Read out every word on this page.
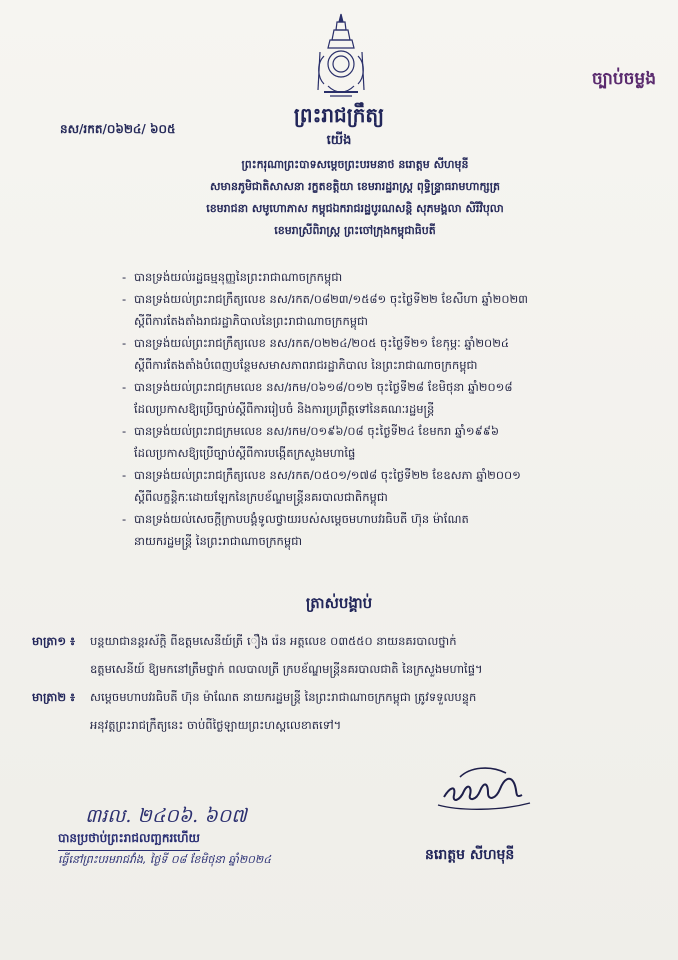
ច្បាប់ចម្លង
ព្រះរាជក្រឹត្យ
នស/រកត/០៦២៤/ ៦០៥
យើង
ព្រះករុណាព្រះបាទសម្តេចព្រះបរមនាថ នរោត្តម សីហមុនី
សមានភូមិជាតិសាសនា រក្ខតខត្តិយា ខេមរារដ្ឋរាស្ត្រ ពុទ្ធិន្ទ្រាធរាមហាក្សត្រ
ខេមរាជនា សមូហោភាស កម្ពុជឯករាជរដ្ឋបូរណសន្តិ សុភមង្គលា សិរីវិបុលា
ខេមរាស្រីពិរាស្ត្រ ព្រះចៅក្រុងកម្ពុជាធិបតី
- បានទ្រង់យល់រដ្ឋធម្មនុញ្ញនៃព្រះរាជាណាចក្រកម្ពុជា
- បានទ្រង់យល់ព្រះរាជក្រឹត្យលេខ នស/រកត/០៨២៣/១៥៨១ ចុះថ្ងៃទី២២ ខែសីហា ឆ្នាំ២០២៣
ស្តីពីការតែងតាំងរាជរដ្ឋាភិបាលនៃព្រះរាជាណាចក្រកម្ពុជា
- បានទ្រង់យល់ព្រះរាជក្រឹត្យលេខ នស/រកត/០២២៤/២០៥ ចុះថ្ងៃទី២១ ខែកុម្ភៈ ឆ្នាំ២០២៤
ស្តីពីការតែងតាំងបំពេញបន្ថែមសមាសភាពរាជរដ្ឋាភិបាល នៃព្រះរាជាណាចក្រកម្ពុជា
- បានទ្រង់យល់ព្រះរាជក្រមលេខ នស/រកម/០៦១៨/០១២ ចុះថ្ងៃទី២៨ ខែមិថុនា ឆ្នាំ២០១៨
ដែលប្រកាសឱ្យប្រើច្បាប់ស្តីពីការរៀបចំ និងការប្រព្រឹត្តទៅនៃគណៈរដ្ឋមន្ត្រី
- បានទ្រង់យល់ព្រះរាជក្រមលេខ នស/រកម/០១៩៦/០៨ ចុះថ្ងៃទី២៤ ខែមករា ឆ្នាំ១៩៩៦
ដែលប្រកាសឱ្យប្រើច្បាប់ស្តីពីការបង្កើតក្រសួងមហាផ្ទៃ
- បានទ្រង់យល់ព្រះរាជក្រឹត្យលេខ នស/រកត/០៥០១/១៧៨ ចុះថ្ងៃទី២២ ខែឧសភា ឆ្នាំ២០០១
ស្តីពីលក្ខន្តិកៈដោយឡែកនៃក្របខ័ណ្ឌមន្ត្រីនគរបាលជាតិកម្ពុជា
- បានទ្រង់យល់សេចក្តីក្រាបបង្គំទូលថ្វាយរបស់សម្តេចមហាបវរធិបតី ហ៊ុន ម៉ាណែត
នាយករដ្ឋមន្ត្រី នៃព្រះរាជាណាចក្រកម្ពុជា
ត្រាស់បង្គាប់
មាត្រា១ ៖ បន្តយាជានន្តរស័ក្តិ ពីឧត្តមសេនីយ៍ត្រី ឿង រ៉េន អត្តលេខ ០៣៥៥០ នាយនគរបាលថ្នាក់
ឧត្តមសេនីយ៍ ឱ្យមកនៅត្រឹមថ្នាក់ ពលបាលត្រី ក្របខ័ណ្ឌមន្ត្រីនគរបាលជាតិ នៃក្រសួងមហាផ្ទៃ។
មាត្រា២ ៖ សម្តេចមហាបវរធិបតី ហ៊ុន ម៉ាណែត នាយករដ្ឋមន្ត្រី នៃព្រះរាជាណាចក្រកម្ពុជា ត្រូវទទួលបន្ទុក
អនុវត្តព្រះរាជក្រឹត្យនេះ ចាប់ពីថ្ងៃឡាយព្រះហស្តលេខាតទៅ។
៣រល. ២៤០៦. ៦០៧
បានប្រថាប់ព្រះរាជលញ្ឆករហើយ
ធ្វើនៅព្រះបរមរាជវាំង, ថ្ងៃទី ០៨ ខែមិថុនា ឆ្នាំ២០២៤	នរោត្តម សីហមុនី
